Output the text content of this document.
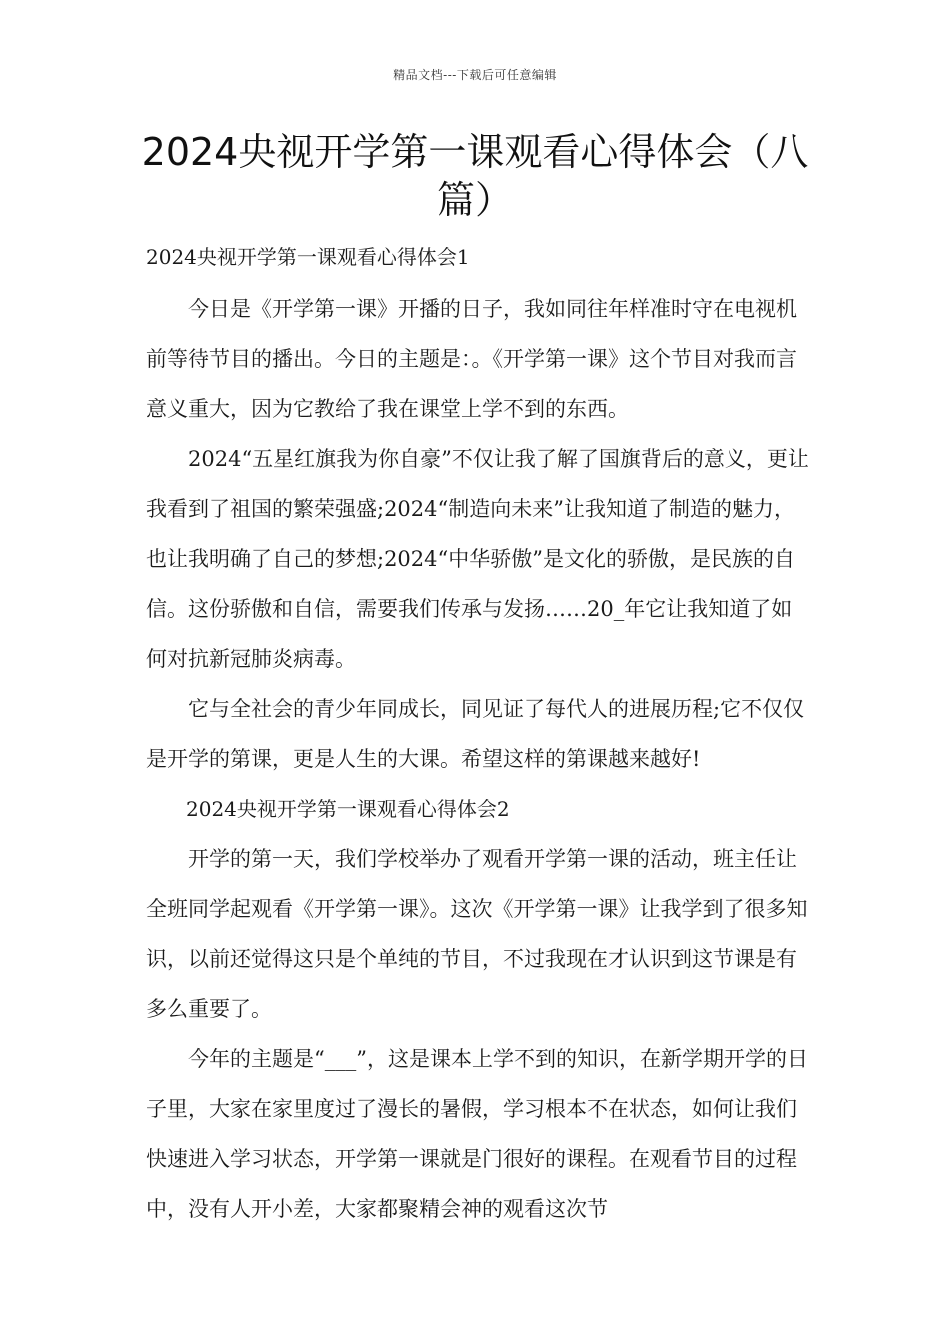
精品文档---下载后可任意编辑
2024央视开学第一课观看心得体会（八篇）

2024央视开学第一课观看心得体会1

今日是《开学第一课》开播的日子，我如同往年样准时守在电视机前等待节目的播出。今日的主题是：。《开学第一课》这个节目对我而言意义重大，因为它教给了我在课堂上学不到的东西。

2024“五星红旗我为你自豪”不仅让我了解了国旗背后的意义，更让我看到了祖国的繁荣强盛;2024“制造向未来”让我知道了制造的魅力，也让我明确了自己的梦想;2024“中华骄傲”是文化的骄傲，是民族的自信。这份骄傲和自信，需要我们传承与发扬……20_年它让我知道了如何对抗新冠肺炎病毒。

它与全社会的青少年同成长，同见证了每代人的进展历程;它不仅仅是开学的第课，更是人生的大课。希望这样的第课越来越好!

2024央视开学第一课观看心得体会2

开学的第一天，我们学校举办了观看开学第一课的活动，班主任让全班同学起观看《开学第一课》。这次《开学第一课》让我学到了很多知识，以前还觉得这只是个单纯的节目，不过我现在才认识到这节课是有多么重要了。

今年的主题是“___”，这是课本上学不到的知识，在新学期开学的日子里，大家在家里度过了漫长的暑假，学习根本不在状态，如何让我们快速进入学习状态，开学第一课就是门很好的课程。在观看节目的过程中，没有人开小差，大家都聚精会神的观看这次节
